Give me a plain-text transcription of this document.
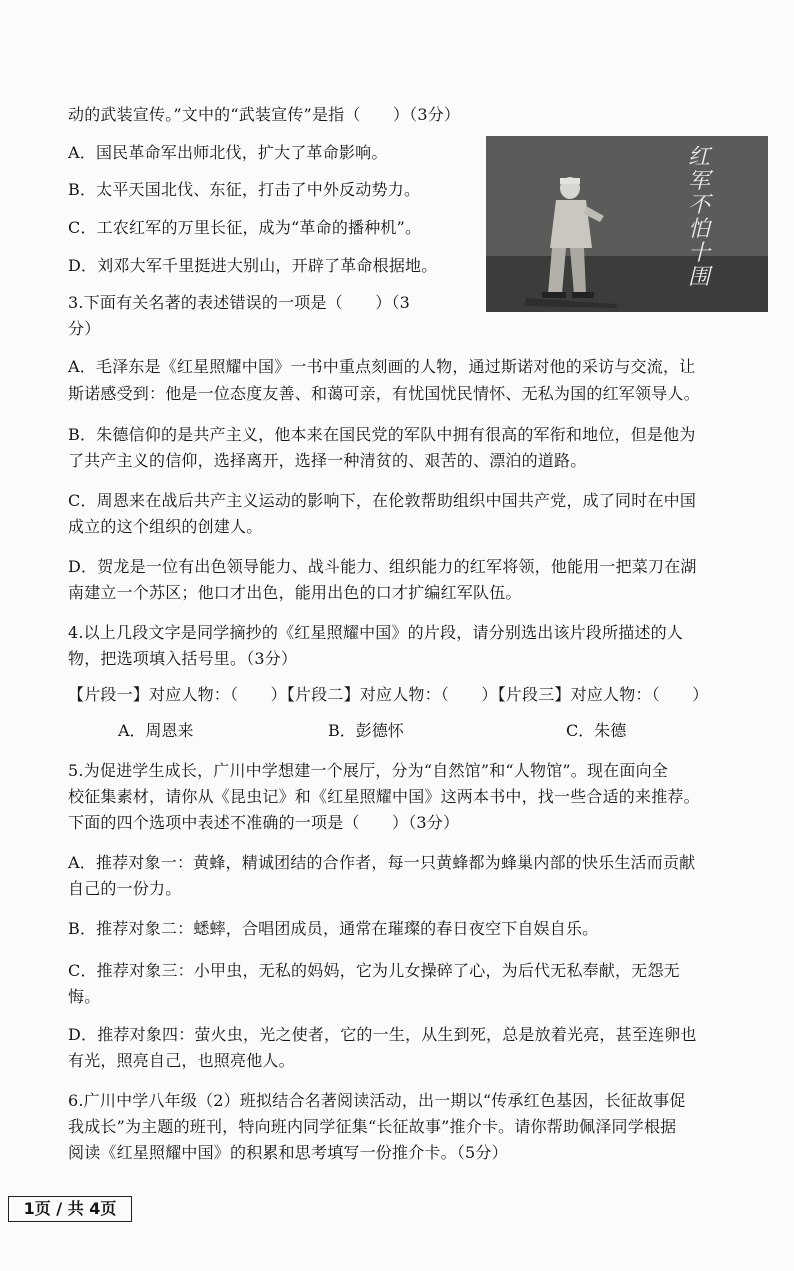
动的武装宣传。”文中的“武装宣传”是指（　　）（3分）
A．国民革命军出师北伐，扩大了革命影响。
B．太平天国北伐、东征，打击了中外反动势力。
C．工农红军的万里长征，成为“革命的播种机”。
D．刘邓大军千里挺进大别山，开辟了革命根据地。
红军不怕十围
3.下面有关名著的表述错误的一项是（　　）（3
分）
A．毛泽东是《红星照耀中国》一书中重点刻画的人物，通过斯诺对他的采访与交流，让
斯诺感受到：他是一位态度友善、和蔼可亲，有忧国忧民情怀、无私为国的红军领导人。
B．朱德信仰的是共产主义，他本来在国民党的军队中拥有很高的军衔和地位，但是他为
了共产主义的信仰，选择离开，选择一种清贫的、艰苦的、漂泊的道路。
C．周恩来在战后共产主义运动的影响下，在伦敦帮助组织中国共产党，成了同时在中国
成立的这个组织的创建人。
D．贺龙是一位有出色领导能力、战斗能力、组织能力的红军将领，他能用一把菜刀在湖
南建立一个苏区；他口才出色，能用出色的口才扩编红军队伍。
4.以上几段文字是同学摘抄的《红星照耀中国》的片段，请分别选出该片段所描述的人
物，把选项填入括号里。（3分）
【片段一】对应人物：（　　）【片段二】对应人物：（　　）【片段三】对应人物：（　　）
A．周恩来	B．彭德怀	C．朱德
5.为促进学生成长，广川中学想建一个展厅，分为“自然馆”和“人物馆”。现在面向全
校征集素材，请你从《昆虫记》和《红星照耀中国》这两本书中，找一些合适的来推荐。
下面的四个选项中表述不准确的一项是（　　）（3分）
A．推荐对象一：黄蜂，精诚团结的合作者，每一只黄蜂都为蜂巢内部的快乐生活而贡献
自己的一份力。
B．推荐对象二：蟋蟀，合唱团成员，通常在璀璨的春日夜空下自娱自乐。
C．推荐对象三：小甲虫，无私的妈妈，它为儿女操碎了心，为后代无私奉献，无怨无
悔。
D．推荐对象四：萤火虫，光之使者，它的一生，从生到死，总是放着光亮，甚至连卵也
有光，照亮自己，也照亮他人。
6.广川中学八年级（2）班拟结合名著阅读活动，出一期以“传承红色基因，长征故事促
我成长”为主题的班刊，特向班内同学征集“长征故事”推介卡。请你帮助佩泽同学根据
阅读《红星照耀中国》的积累和思考填写一份推介卡。（5分）
1页 / 共 4页
